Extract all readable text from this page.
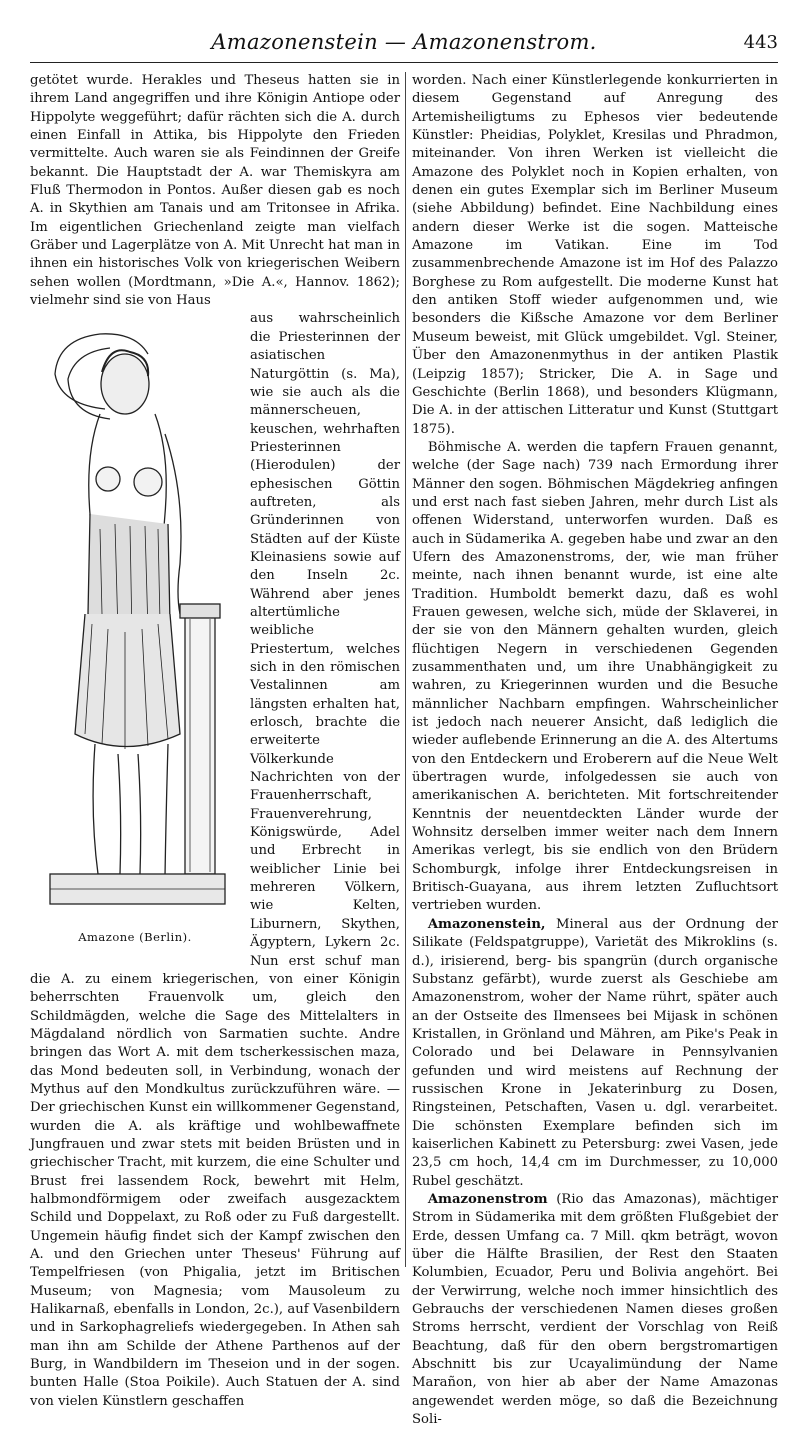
Amazonenstein — Amazonenstrom.	443

getötet wurde. Herakles und Theseus hatten sie in ihrem Land angegriffen und ihre Königin Antiope oder Hippolyte weggeführt; dafür rächten sich die A. durch einen Einfall in Attika, bis Hippolyte den Frieden vermittelte. Auch waren sie als Feindinnen der Greife bekannt. Die Hauptstadt der A. war Themiskyra am Fluß Thermodon in Pontos. Außer diesen gab es noch A. in Skythien am Tanais und am Tritonsee in Afrika. Im eigentlichen Griechenland zeigte man vielfach Gräber und Lagerplätze von A. Mit Unrecht hat man in ihnen ein historisches Volk von kriegerischen Weibern sehen wollen (Mordtmann, »Die A.«, Hannov. 1862); vielmehr sind sie von Haus

Amazone (Berlin).

aus wahrscheinlich die Priesterinnen der asiatischen Naturgöttin (s. Ma), wie sie auch als die männerscheuen, keuschen, wehrhaften Priesterinnen (Hierodulen) der ephesischen Göttin auftreten, als Gründerinnen von Städten auf der Küste Kleinasiens sowie auf den Inseln 2c. Während aber jenes altertümliche weibliche Priestertum, welches sich in den römischen Vestalinnen am längsten erhalten hat, erlosch, brachte die erweiterte Völkerkunde Nachrichten von der Frauenherrschaft, Frauenverehrung, Königswürde, Adel und Erbrecht in weiblicher Linie bei mehreren Völkern, wie Kelten, Liburnern, Skythen, Ägyptern, Lykern 2c. Nun erst schuf man die A. zu einem kriegerischen, von einer Königin beherrschten Frauenvolk um, gleich den Schildmägden, welche die Sage des Mittelalters in Mägdaland nördlich von Sarmatien suchte. Andre bringen das Wort A. mit dem tscherkessischen maza, das Mond bedeuten soll, in Verbindung, wonach der Mythus auf den Mondkultus zurückzuführen wäre. — Der griechischen Kunst ein willkommener Gegenstand, wurden die A. als kräftige und wohlbewaffnete Jungfrauen und zwar stets mit beiden Brüsten und in griechischer Tracht, mit kurzem, die eine Schulter und Brust frei lassendem Rock, bewehrt mit Helm, halbmondförmigem oder zweifach ausgezacktem Schild und Doppelaxt, zu Roß oder zu Fuß dargestellt. Ungemein häufig findet sich der Kampf zwischen den A. und den Griechen unter Theseus' Führung auf Tempelfriesen (von Phigalia, jetzt im Britischen Museum; von Magnesia; vom Mausoleum zu Halikarnaß, ebenfalls in London, 2c.), auf Vasenbildern und in Sarkophagreliefs wiedergegeben. In Athen sah man ihn am Schilde der Athene Parthenos auf der Burg, in Wandbildern im Theseion und in der sogen. bunten Halle (Stoa Poikile). Auch Statuen der A. sind von vielen Künstlern geschaffen

worden. Nach einer Künstlerlegende konkurrierten in diesem Gegenstand auf Anregung des Artemisheiligtums zu Ephesos vier bedeutende Künstler: Pheidias, Polyklet, Kresilas und Phradmon, miteinander. Von ihren Werken ist vielleicht die Amazone des Polyklet noch in Kopien erhalten, von denen ein gutes Exemplar sich im Berliner Museum (siehe Abbildung) befindet. Eine Nachbildung eines andern dieser Werke ist die sogen. Matteische Amazone im Vatikan. Eine im Tod zusammenbrechende Amazone ist im Hof des Palazzo Borghese zu Rom aufgestellt. Die moderne Kunst hat den antiken Stoff wieder aufgenommen und, wie besonders die Kißsche Amazone vor dem Berliner Museum beweist, mit Glück umgebildet. Vgl. Steiner, Über den Amazonenmythus in der antiken Plastik (Leipzig 1857); Stricker, Die A. in Sage und Geschichte (Berlin 1868), und besonders Klügmann, Die A. in der attischen Litteratur und Kunst (Stuttgart 1875).

Böhmische A. werden die tapfern Frauen genannt, welche (der Sage nach) 739 nach Ermordung ihrer Männer den sogen. Böhmischen Mägdekrieg anfingen und erst nach fast sieben Jahren, mehr durch List als offenen Widerstand, unterworfen wurden. Daß es auch in Südamerika A. gegeben habe und zwar an den Ufern des Amazonenstroms, der, wie man früher meinte, nach ihnen benannt wurde, ist eine alte Tradition. Humboldt bemerkt dazu, daß es wohl Frauen gewesen, welche sich, müde der Sklaverei, in der sie von den Männern gehalten wurden, gleich flüchtigen Negern in verschiedenen Gegenden zusammenthaten und, um ihre Unabhängigkeit zu wahren, zu Kriegerinnen wurden und die Besuche männlicher Nachbarn empfingen. Wahrscheinlicher ist jedoch nach neuerer Ansicht, daß lediglich die wieder auflebende Erinnerung an die A. des Altertums von den Entdeckern und Eroberern auf die Neue Welt übertragen wurde, infolgedessen sie auch von amerikanischen A. berichteten. Mit fortschreitender Kenntnis der neuentdeckten Länder wurde der Wohnsitz derselben immer weiter nach dem Innern Amerikas verlegt, bis sie endlich von den Brüdern Schomburgk, infolge ihrer Entdeckungsreisen in Britisch-Guayana, aus ihrem letzten Zufluchtsort vertrieben wurden.

Amazonenstein, Mineral aus der Ordnung der Silikate (Feldspatgruppe), Varietät des Mikroklins (s. d.), irisierend, berg- bis spangrün (durch organische Substanz gefärbt), wurde zuerst als Geschiebe am Amazonenstrom, woher der Name rührt, später auch an der Ostseite des Ilmensees bei Mijask in schönen Kristallen, in Grönland und Mähren, am Pike's Peak in Colorado und bei Delaware in Pennsylvanien gefunden und wird meistens auf Rechnung der russischen Krone in Jekaterinburg zu Dosen, Ringsteinen, Petschaften, Vasen u. dgl. verarbeitet. Die schönsten Exemplare befinden sich im kaiserlichen Kabinett zu Petersburg: zwei Vasen, jede 23,5 cm hoch, 14,4 cm im Durchmesser, zu 10,000 Rubel geschätzt.

Amazonenstrom (Rio das Amazonas), mächtiger Strom in Südamerika mit dem größten Flußgebiet der Erde, dessen Umfang ca. 7 Mill. qkm beträgt, wovon über die Hälfte Brasilien, der Rest den Staaten Kolumbien, Ecuador, Peru und Bolivia angehört. Bei der Verwirrung, welche noch immer hinsichtlich des Gebrauchs der verschiedenen Namen dieses großen Stroms herrscht, verdient der Vorschlag von Reiß Beachtung, daß für den obern bergstromartigen Abschnitt bis zur Ucayalimündung der Name Marañon, von hier ab aber der Name Amazonas angewendet werden möge, so daß die Bezeichnung Soli-
